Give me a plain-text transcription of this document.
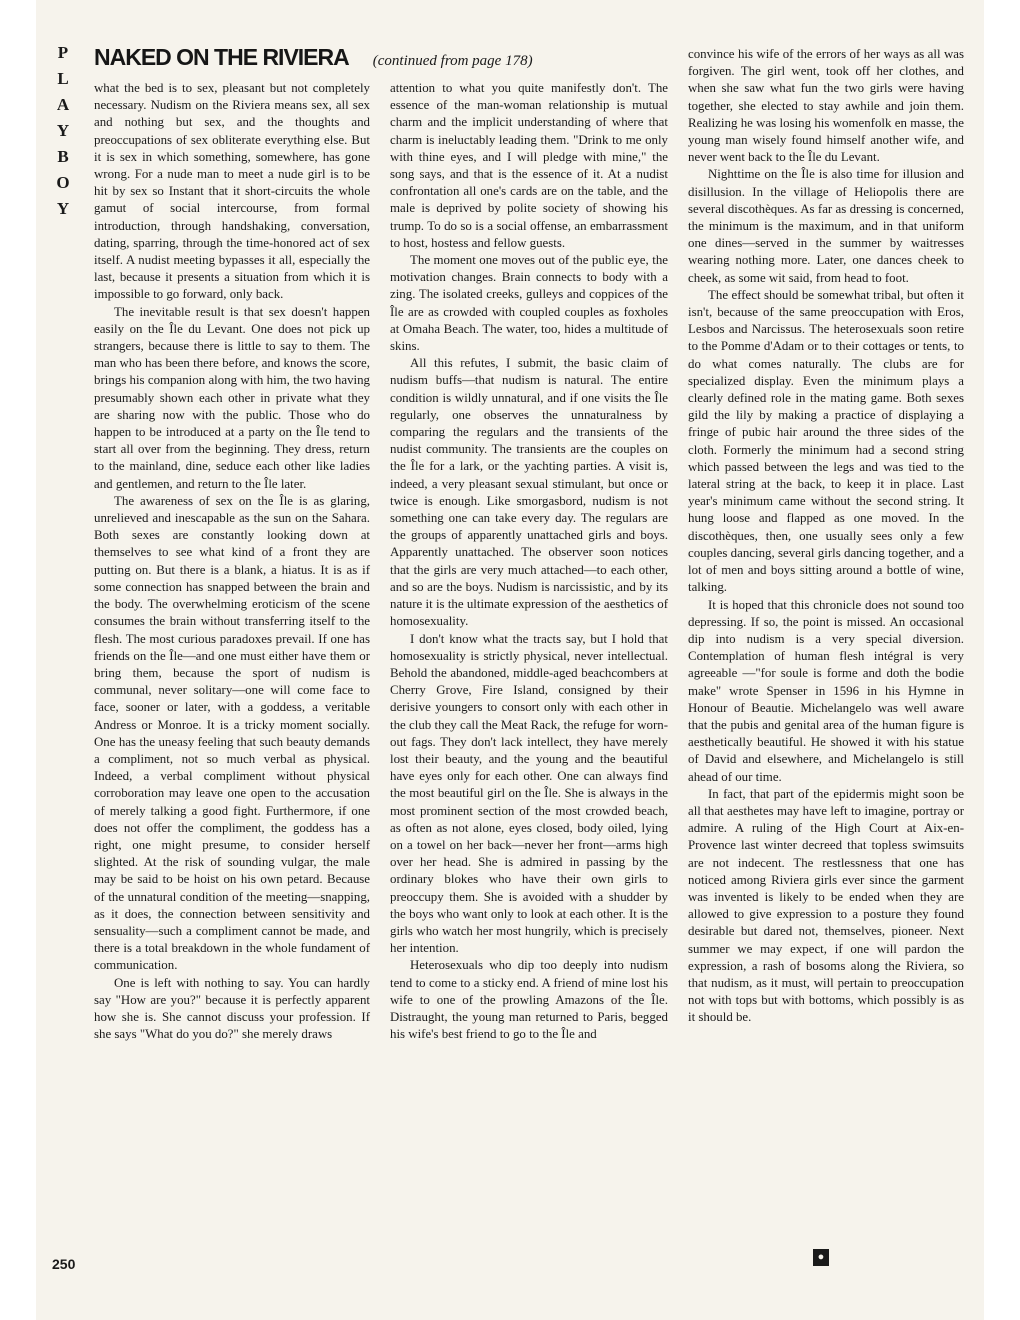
P
L
A
Y
B
O
Y
NAKED ON THE RIVIERA (continued from page 178)

what the bed is to sex, pleasant but not completely necessary. Nudism on the Riviera means sex, all sex and nothing but sex, and the thoughts and preoccupations of sex obliterate everything else. But it is sex in which something, somewhere, has gone wrong. For a nude man to meet a nude girl is to be hit by sex so Instant that it short-circuits the whole gamut of social intercourse, from formal introduction, through handshaking, conversation, dating, sparring, through the time-honored act of sex itself. A nudist meeting bypasses it all, especially the last, because it presents a situation from which it is impossible to go forward, only back.

The inevitable result is that sex doesn't happen easily on the Île du Levant. One does not pick up strangers, because there is little to say to them. The man who has been there before, and knows the score, brings his companion along with him, the two having presumably shown each other in private what they are sharing now with the public. Those who do happen to be introduced at a party on the Île tend to start all over from the beginning. They dress, return to the mainland, dine, seduce each other like ladies and gentlemen, and return to the Île later.

The awareness of sex on the Île is as glaring, unrelieved and inescapable as the sun on the Sahara. Both sexes are constantly looking down at themselves to see what kind of a front they are putting on. But there is a blank, a hiatus. It is as if some connection has snapped between the brain and the body. The overwhelming eroticism of the scene consumes the brain without transferring itself to the flesh. The most curious paradoxes prevail. If one has friends on the Île—and one must either have them or bring them, because the sport of nudism is communal, never solitary—one will come face to face, sooner or later, with a goddess, a veritable Andress or Monroe. It is a tricky moment socially. One has the uneasy feeling that such beauty demands a compliment, not so much verbal as physical. Indeed, a verbal compliment without physical corroboration may leave one open to the accusation of merely talking a good fight. Furthermore, if one does not offer the compliment, the goddess has a right, one might presume, to consider herself slighted. At the risk of sounding vulgar, the male may be said to be hoist on his own petard. Because of the unnatural condition of the meeting—snapping, as it does, the connection between sensitivity and sensuality—such a compliment cannot be made, and there is a total breakdown in the whole fundament of communication.

One is left with nothing to say. You can hardly say "How are you?" because it is perfectly apparent how she is. She cannot discuss your profession. If she says "What do you do?" she merely draws

attention to what you quite manifestly don't. The essence of the man-woman relationship is mutual charm and the implicit understanding of where that charm is ineluctably leading them. "Drink to me only with thine eyes, and I will pledge with mine," the song says, and that is the essence of it. At a nudist confrontation all one's cards are on the table, and the male is deprived by polite society of showing his trump. To do so is a social offense, an embarrassment to host, hostess and fellow guests.

The moment one moves out of the public eye, the motivation changes. Brain connects to body with a zing. The isolated creeks, gulleys and coppices of the Île are as crowded with coupled couples as foxholes at Omaha Beach. The water, too, hides a multitude of skins.

All this refutes, I submit, the basic claim of nudism buffs—that nudism is natural. The entire condition is wildly unnatural, and if one visits the Île regularly, one observes the unnaturalness by comparing the regulars and the transients of the nudist community. The transients are the couples on the Île for a lark, or the yachting parties. A visit is, indeed, a very pleasant sexual stimulant, but once or twice is enough. Like smorgasbord, nudism is not something one can take every day. The regulars are the groups of apparently unattached girls and boys. Apparently unattached. The observer soon notices that the girls are very much attached—to each other, and so are the boys. Nudism is narcissistic, and by its nature it is the ultimate expression of the aesthetics of homosexuality.

I don't know what the tracts say, but I hold that homosexuality is strictly physical, never intellectual. Behold the abandoned, middle-aged beachcombers at Cherry Grove, Fire Island, consigned by their derisive youngers to consort only with each other in the club they call the Meat Rack, the refuge for worn-out fags. They don't lack intellect, they have merely lost their beauty, and the young and the beautiful have eyes only for each other. One can always find the most beautiful girl on the Île. She is always in the most prominent section of the most crowded beach, as often as not alone, eyes closed, body oiled, lying on a towel on her back—never her front—arms high over her head. She is admired in passing by the ordinary blokes who have their own girls to preoccupy them. She is avoided with a shudder by the boys who want only to look at each other. It is the girls who watch her most hungrily, which is precisely her intention.

Heterosexuals who dip too deeply into nudism tend to come to a sticky end. A friend of mine lost his wife to one of the prowling Amazons of the Île. Distraught, the young man returned to Paris, begged his wife's best friend to go to the Île and

convince his wife of the errors of her ways as all was forgiven. The girl went, took off her clothes, and when she saw what fun the two girls were having together, she elected to stay awhile and join them. Realizing he was losing his womenfolk en masse, the young man wisely found himself another wife, and never went back to the Île du Levant.

Nighttime on the Île is also time for illusion and disillusion. In the village of Heliopolis there are several discothèques. As far as dressing is concerned, the minimum is the maximum, and in that uniform one dines—served in the summer by waitresses wearing nothing more. Later, one dances cheek to cheek, as some wit said, from head to foot.

The effect should be somewhat tribal, but often it isn't, because of the same preoccupation with Eros, Lesbos and Narcissus. The heterosexuals soon retire to the Pomme d'Adam or to their cottages or tents, to do what comes naturally. The clubs are for specialized display. Even the minimum plays a clearly defined role in the mating game. Both sexes gild the lily by making a practice of displaying a fringe of pubic hair around the three sides of the cloth. Formerly the minimum had a second string which passed between the legs and was tied to the lateral string at the back, to keep it in place. Last year's minimum came without the second string. It hung loose and flapped as one moved. In the discothèques, then, one usually sees only a few couples dancing, several girls dancing together, and a lot of men and boys sitting around a bottle of wine, talking.

It is hoped that this chronicle does not sound too depressing. If so, the point is missed. An occasional dip into nudism is a very special diversion. Contemplation of human flesh intégral is very agreeable —"for soule is forme and doth the bodie make" wrote Spenser in 1596 in his Hymne in Honour of Beautie. Michelangelo was well aware that the pubis and genital area of the human figure is aesthetically beautiful. He showed it with his statue of David and elsewhere, and Michelangelo is still ahead of our time.

In fact, that part of the epidermis might soon be all that aesthetes may have left to imagine, portray or admire. A ruling of the High Court at Aix-en-Provence last winter decreed that topless swimsuits are not indecent. The restlessness that one has noticed among Riviera girls ever since the garment was invented is likely to be ended when they are allowed to give expression to a posture they found desirable but dared not, themselves, pioneer. Next summer we may expect, if one will pardon the expression, a rash of bosoms along the Riviera, so that nudism, as it must, will pertain to preoccupation not with tops but with bottoms, which possibly is as it should be.

250	●
